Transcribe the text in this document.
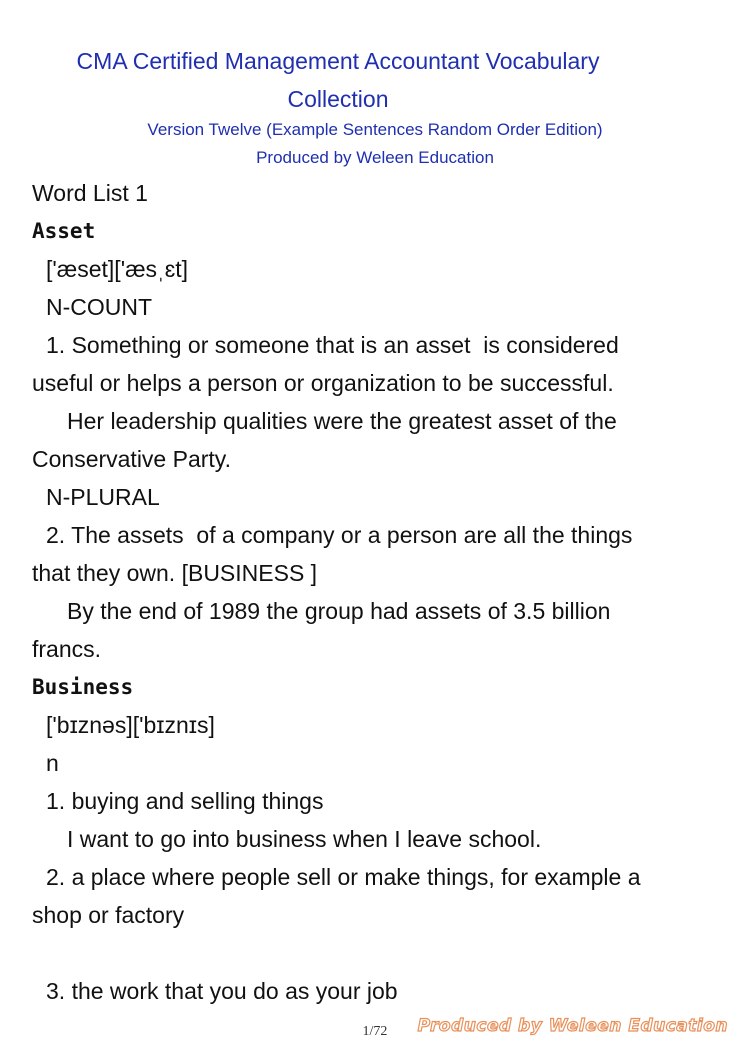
CMA Certified Management Accountant Vocabulary
Collection
Version Twelve (Example Sentences Random Order Edition)
Produced by Weleen Education
Word List 1
Asset
['æset]['æsˌɛt]
N-COUNT
1. Something or someone that is an asset  is considered
useful or helps a person or organization to be successful.
Her leadership qualities were the greatest asset of the
Conservative Party.
N-PLURAL
2. The assets  of a company or a person are all the things
that they own. [BUSINESS ]
By the end of 1989 the group had assets of 3.5 billion
francs.
Business
['bɪznəs]['bɪznɪs]
n
1. buying and selling things
I want to go into business when I leave school.
2. a place where people sell or make things, for example a
shop or factory
3. the work that you do as your job
1/72	Produced by Weleen Education
